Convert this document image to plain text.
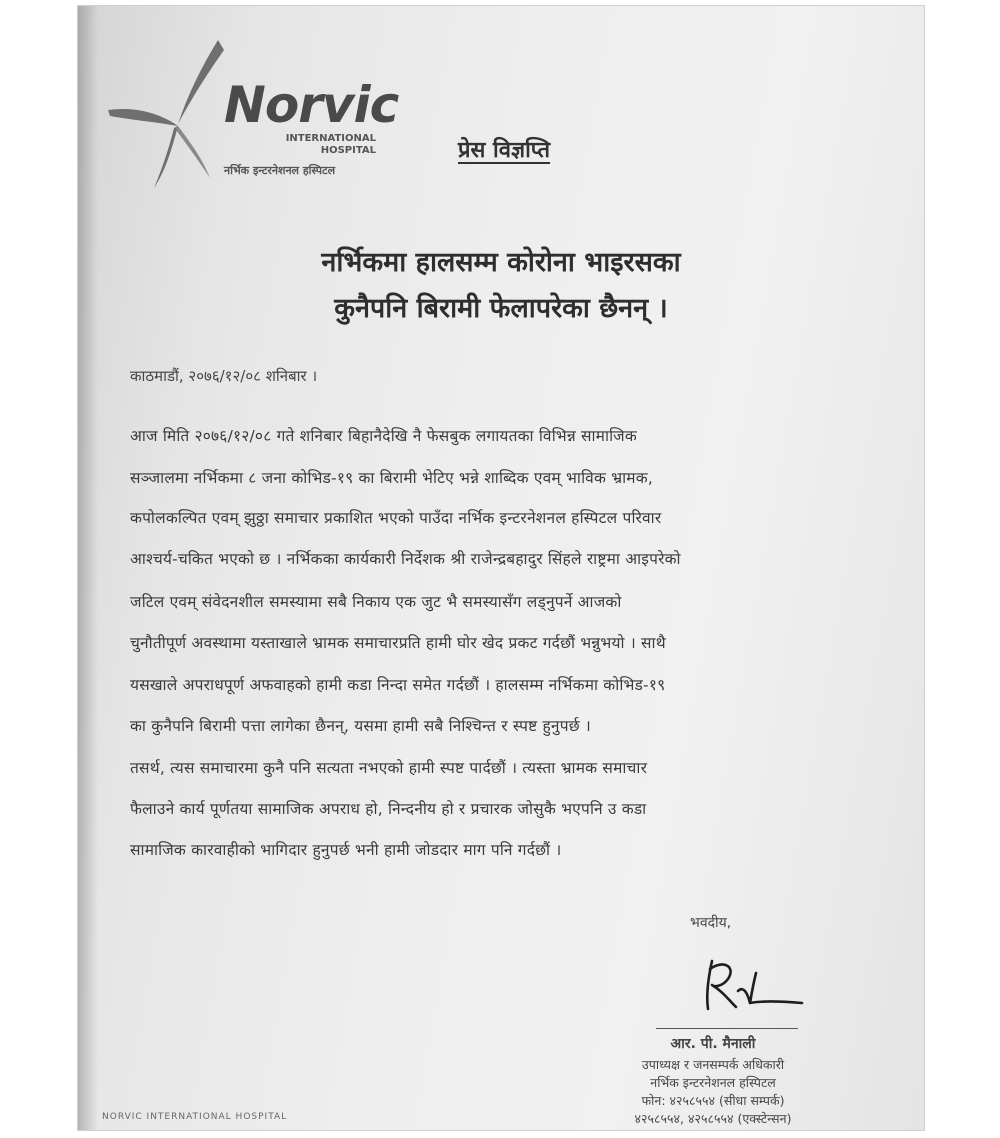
Norvic
INTERNATIONAL
HOSPITAL
नर्भिक इन्टरनेशनल हस्पिटल
प्रेस विज्ञप्ति
नर्भिकमा हालसम्म कोरोना भाइरसका
कुनैपनि बिरामी फेलापरेका छैनन् ।
काठमाडौं, २०७६/१२/०८ शनिबार ।
आज मिति २०७६/१२/०८ गते शनिबार बिहानैदेखि नै फेसबुक लगायतका विभिन्न सामाजिक
सञ्जालमा नर्भिकमा ८ जना कोभिड-१९ का बिरामी भेटिए भन्ने शाब्दिक एवम् भाविक भ्रामक,
कपोलकल्पित एवम् झुठ्ठा समाचार प्रकाशित भएको पाउँदा नर्भिक इन्टरनेशनल हस्पिटल परिवार
आश्चर्य-चकित भएको छ । नर्भिकका कार्यकारी निर्देशक श्री राजेन्द्रबहादुर सिंहले राष्ट्रमा आइपरेको
जटिल एवम् संवेदनशील समस्यामा सबै निकाय एक जुट भै समस्यासँग लड्नुपर्ने आजको
चुनौतीपूर्ण अवस्थामा यस्ताखाले भ्रामक समाचारप्रति हामी घोर खेद प्रकट गर्दछौं भन्नुभयो । साथै
यसखाले अपराधपूर्ण अफवाहको हामी कडा निन्दा समेत गर्दछौं । हालसम्म नर्भिकमा कोभिड-१९
का कुनैपनि बिरामी पत्ता लागेका छैनन्, यसमा हामी सबै निश्चिन्त र स्पष्ट हुनुपर्छ ।
तसर्थ, त्यस समाचारमा कुनै पनि सत्यता नभएको हामी स्पष्ट पार्दछौं । त्यस्ता भ्रामक समाचार
फैलाउने कार्य पूर्णतया सामाजिक अपराध हो, निन्दनीय हो र प्रचारक जोसुकै भएपनि उ कडा
सामाजिक कारवाहीको भागिदार हुनुपर्छ भनी हामी जोडदार माग पनि गर्दछौं ।
भवदीय,
आर. पी. मैनाली
उपाध्यक्ष र जनसम्पर्क अधिकारी
नर्भिक इन्टरनेशनल हस्पिटल
फोन: ४२५८५५४ (सीधा सम्पर्क)
४२५८५५४, ४२५८५५४ (एक्स्टेन्सन)
NORVIC INTERNATIONAL HOSPITAL
